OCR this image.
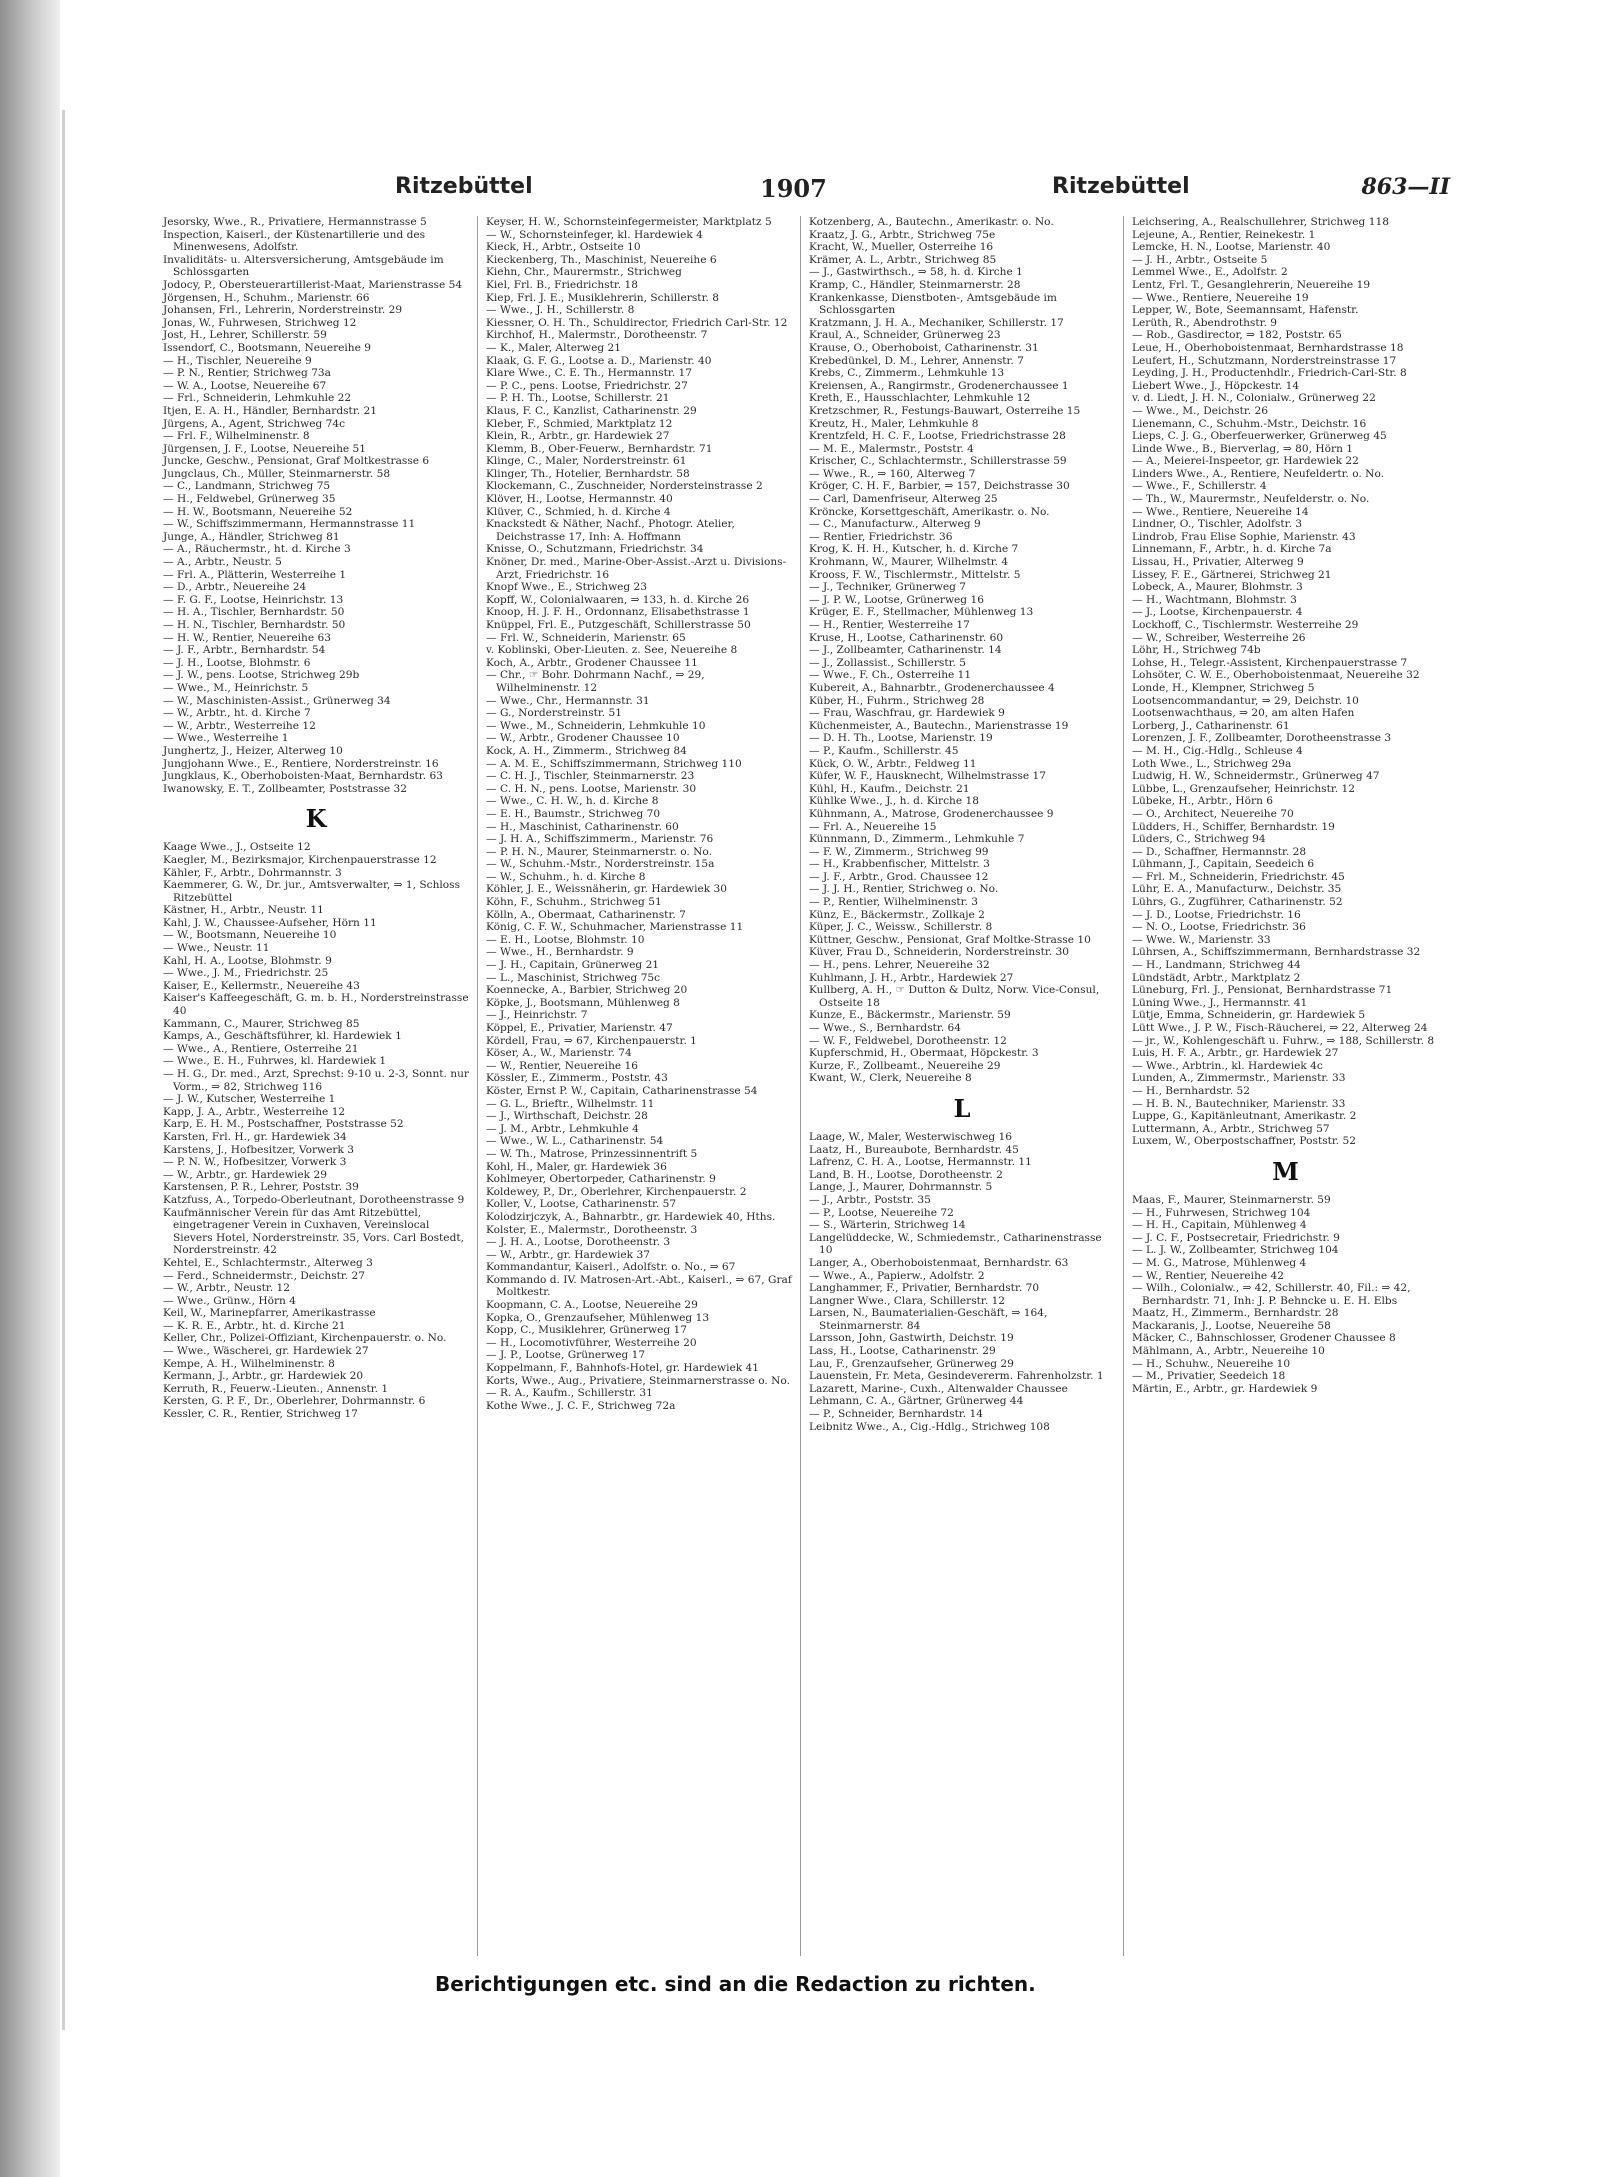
Ritzebüttel	1907	Ritzebüttel	863—II
Jesorsky, Wwe., R., Privatiere, Hermannstrasse 5
Inspection, Kaiserl., der Küstenartillerie und des Minenwesens, Adolfstr.
Invaliditäts- u. Altersversicherung, Amtsgebäude im Schlossgarten
Jodocy, P., Obersteuerartillerist-Maat, Marienstrasse 54
Jörgensen, H., Schuhm., Marienstr. 66
Johansen, Frl., Lehrerin, Norderstreinstr. 29
Jonas, W., Fuhrwesen, Strichweg 12
Jost, H., Lehrer, Schillerstr. 59
Issendorf, C., Bootsmann, Neuereihe 9
— H., Tischler, Neuereihe 9
— P. N., Rentier, Strichweg 73a
— W. A., Lootse, Neuereihe 67
— Frl., Schneiderin, Lehmkuhle 22
Itjen, E. A. H., Händler, Bernhardstr. 21
Jürgens, A., Agent, Strichweg 74c
— Frl. F., Wilhelminenstr. 8
Jürgensen, J. F., Lootse, Neuereihe 51
Juncke, Geschw., Pensionat, Graf Moltkestrasse 6
Jungclaus, Ch., Müller, Steinmarnerstr. 58
— C., Landmann, Strichweg 75
— H., Feldwebel, Grünerweg 35
— H. W., Bootsmann, Neuereihe 52
— W., Schiffszimmermann, Hermannstrasse 11
Junge, A., Händler, Strichweg 81
— A., Räuchermstr., ht. d. Kirche 3
— A., Arbtr., Neustr. 5
— Frl. A., Plätterin, Westerreihe 1
— D., Arbtr., Neuereihe 24
— F. G. F., Lootse, Heinrichstr. 13
— H. A., Tischler, Bernhardstr. 50
— H. N., Tischler, Bernhardstr. 50
— H. W., Rentier, Neuereihe 63
— J. F., Arbtr., Bernhardstr. 54
— J. H., Lootse, Blohmstr. 6
— J. W., pens. Lootse, Strichweg 29b
— Wwe., M., Heinrichstr. 5
— W., Maschinisten-Assist., Grünerweg 34
— W., Arbtr., ht. d. Kirche 7
— W., Arbtr., Westerreihe 12
— Wwe., Westerreihe 1
Junghertz, J., Heizer, Alterweg 10
Jungjohann Wwe., E., Rentiere, Norderstreinstr. 16
Jungklaus, K., Oberhoboisten-Maat, Bernhardstr. 63
Iwanowsky, E. T., Zollbeamter, Poststrasse 32
K
Kaage Wwe., J., Ostseite 12
Kaegler, M., Bezirksmajor, Kirchenpauerstrasse 12
Kähler, F., Arbtr., Dohrmannstr. 3
Kaemmerer, G. W., Dr. jur., Amtsverwalter, ⇒ 1, Schloss Ritzebüttel
Kästner, H., Arbtr., Neustr. 11
Kahl, J. W., Chaussee-Aufseher, Hörn 11
— W., Bootsmann, Neuereihe 10
— Wwe., Neustr. 11
Kahl, H. A., Lootse, Blohmstr. 9
— Wwe., J. M., Friedrichstr. 25
Kaiser, E., Kellermstr., Neuereihe 43
Kaiser's Kaffeegeschäft, G. m. b. H., Norderstreinstrasse 40
Kammann, C., Maurer, Strichweg 85
Kamps, A., Geschäftsführer, kl. Hardewiek 1
— Wwe., A., Rentiere, Osterreihe 21
— Wwe., E. H., Fuhrwes, kl. Hardewiek 1
— H. G., Dr. med., Arzt, Sprechst: 9-10 u. 2-3, Sonnt. nur Vorm., ⇒ 82, Strichweg 116
— J. W., Kutscher, Westerreihe 1
Kapp, J. A., Arbtr., Westerreihe 12
Karp, E. H. M., Postschaffner, Poststrasse 52
Karsten, Frl. H., gr. Hardewiek 34
Karstens, J., Hofbesitzer, Vorwerk 3
— P. N. W., Hofbesitzer, Vorwerk 3
— W., Arbtr., gr. Hardewiek 29
Karstensen, P. R., Lehrer, Poststr. 39
Katzfuss, A., Torpedo-Oberleutnant, Dorotheenstrasse 9
Kaufmännischer Verein für das Amt Ritzebüttel, eingetragener Verein in Cuxhaven, Vereinslocal Sievers Hotel, Norderstreinstr. 35, Vors. Carl Bostedt, Norderstreinstr. 42
Kehtel, E., Schlachtermstr., Alterweg 3
— Ferd., Schneidermstr., Deichstr. 27
— W., Arbtr., Neustr. 12
— Wwe., Grünw., Hörn 4
Keil, W., Marinepfarrer, Amerikastrasse
— K. R. E., Arbtr., ht. d. Kirche 21
Keller, Chr., Polizei-Offiziant, Kirchenpauerstr. o. No.
— Wwe., Wäscherei, gr. Hardewiek 27
Kempe, A. H., Wilhelminenstr. 8
Kermann, J., Arbtr., gr. Hardewiek 20
Kerruth, R., Feuerw.-Lieuten., Annenstr. 1
Kersten, G. P. F., Dr., Oberlehrer, Dohrmannstr. 6
Kessler, C. R., Rentier, Strichweg 17
Keyser, H. W., Schornsteinfegermeister, Marktplatz 5
— W., Schornsteinfeger, kl. Hardewiek 4
Kieck, H., Arbtr., Ostseite 10
Kieckenberg, Th., Maschinist, Neuereihe 6
Kiehn, Chr., Maurermstr., Strichweg
Kiel, Frl. B., Friedrichstr. 18
Kiep, Frl. J. E., Musiklehrerin, Schillerstr. 8
— Wwe., J. H., Schillerstr. 8
Kiessner, O. H. Th., Schuldirector, Friedrich Carl-Str. 12
Kirchhof, H., Malermstr., Dorotheenstr. 7
— K., Maler, Alterweg 21
Klaak, G. F. G., Lootse a. D., Marienstr. 40
Klare Wwe., C. E. Th., Hermannstr. 17
— P. C., pens. Lootse, Friedrichstr. 27
— P. H. Th., Lootse, Schillerstr. 21
Klaus, F. C., Kanzlist, Catharinenstr. 29
Kleber, F., Schmied, Marktplatz 12
Klein, R., Arbtr., gr. Hardewiek 27
Klemm, B., Ober-Feuerw., Bernhardstr. 71
Klinge, C., Maler, Norderstreinstr. 61
Klinger, Th., Hotelier, Bernhardstr. 58
Klockemann, C., Zuschneider, Nordersteinstrasse 2
Klöver, H., Lootse, Hermannstr. 40
Klüver, C., Schmied, h. d. Kirche 4
Knackstedt & Näther, Nachf., Photogr. Atelier, Deichstrasse 17, Inh: A. Hoffmann
Knisse, O., Schutzmann, Friedrichstr. 34
Knöner, Dr. med., Marine-Ober-Assist.-Arzt u. Divisions-Arzt, Friedrichstr. 16
Knopf Wwe., E., Strichweg 23
Kopff, W., Colonialwaaren, ⇒ 133, h. d. Kirche 26
Knoop, H. J. F. H., Ordonnanz, Elisabethstrasse 1
Knüppel, Frl. E., Putzgeschäft, Schillerstrasse 50
— Frl. W., Schneiderin, Marienstr. 65
v. Koblinski, Ober-Lieuten. z. See, Neuereihe 8
Koch, A., Arbtr., Grodener Chaussee 11
— Chr., ☞ Bohr. Dohrmann Nachf., ⇒ 29, Wilhelminenstr. 12
— Wwe., Chr., Hermannstr. 31
— G., Norderstreinstr. 51
— Wwe., M., Schneiderin, Lehmkuhle 10
— W., Arbtr., Grodener Chaussee 10
Kock, A. H., Zimmerm., Strichweg 84
— A. M. E., Schiffszimmermann, Strichweg 110
— C. H. J., Tischler, Steinmarnerstr. 23
— C. H. N., pens. Lootse, Marienstr. 30
— Wwe., C. H. W., h. d. Kirche 8
— E. H., Baumstr., Strichweg 70
— H., Maschinist, Catharinenstr. 60
— J. H. A., Schiffszimmerm., Marienstr. 76
— P. H. N., Maurer, Steinmarnerstr. o. No.
— W., Schuhm.-Mstr., Norderstreinstr. 15a
— W., Schuhm., h. d. Kirche 8
Köhler, J. E., Weissnäherin, gr. Hardewiek 30
Köhn, F., Schuhm., Strichweg 51
Kölln, A., Obermaat, Catharinenstr. 7
König, C. F. W., Schuhmacher, Marienstrasse 11
— E. H., Lootse, Blohmstr. 10
— Wwe., H., Bernhardstr. 9
— J. H., Capitain, Grünerweg 21
— L., Maschinist, Strichweg 75c
Koennecke, A., Barbier, Strichweg 20
Köpke, J., Bootsmann, Mühlenweg 8
— J., Heinrichstr. 7
Köppel, E., Privatier, Marienstr. 47
Kördell, Frau, ⇒ 67, Kirchenpauerstr. 1
Köser, A., W., Marienstr. 74
— W., Rentier, Neuereihe 16
Kössler, E., Zimmerm., Poststr. 43
Köster, Ernst P. W., Capitain, Catharinenstrasse 54
— G. L., Brieftr., Wilhelmstr. 11
— J., Wirthschaft, Deichstr. 28
— J. M., Arbtr., Lehmkuhle 4
— Wwe., W. L., Catharinenstr. 54
— W. Th., Matrose, Prinzessinnentrift 5
Kohl, H., Maler, gr. Hardewiek 36
Kohlmeyer, Obertorpeder, Catharinenstr. 9
Koldewey, P., Dr., Oberlehrer, Kirchenpauerstr. 2
Koller, V., Lootse, Catharinenstr. 57
Kolodzirjczyk, A., Bahnarbtr., gr. Hardewiek 40, Hths.
Kolster, E., Malermstr., Dorotheenstr. 3
— J. H. A., Lootse, Dorotheenstr. 3
— W., Arbtr., gr. Hardewiek 37
Kommandantur, Kaiserl., Adolfstr. o. No., ⇒ 67
Kommando d. IV. Matrosen-Art.-Abt., Kaiserl., ⇒ 67, Graf Moltkestr.
Koopmann, C. A., Lootse, Neuereihe 29
Kopka, O., Grenzaufseher, Mühlenweg 13
Kopp, C., Musiklehrer, Grünerweg 17
— H., Locomotivführer, Westerreihe 20
— J. P., Lootse, Grünerweg 17
Koppelmann, F., Bahnhofs-Hotel, gr. Hardewiek 41
Korts, Wwe., Aug., Privatiere, Steinmarnerstrasse o. No.
— R. A., Kaufm., Schillerstr. 31
Kothe Wwe., J. C. F., Strichweg 72a
Kotzenberg, A., Bautechn., Amerikastr. o. No.
Kraatz, J. G., Arbtr., Strichweg 75e
Kracht, W., Mueller, Osterreihe 16
Krämer, A. L., Arbtr., Strichweg 85
— J., Gastwirthsch., ⇒ 58, h. d. Kirche 1
Kramp, C., Händler, Steinmarnerstr. 28
Krankenkasse, Dienstboten-, Amtsgebäude im Schlossgarten
Kratzmann, J. H. A., Mechaniker, Schillerstr. 17
Kraul, A., Schneider, Grünerweg 23
Krause, O., Oberhoboist, Catharinenstr. 31
Krebedünkel, D. M., Lehrer, Annenstr. 7
Krebs, C., Zimmerm., Lehmkuhle 13
Kreiensen, A., Rangirmstr., Grodenerchaussee 1
Kreth, E., Hausschlachter, Lehmkuhle 12
Kretzschmer, R., Festungs-Bauwart, Osterreihe 15
Kreutz, H., Maler, Lehmkuhle 8
Krentzfeld, H. C. F., Lootse, Friedrichstrasse 28
— M. E., Malermstr., Poststr. 4
Krischer, C., Schlachtermstr., Schillerstrasse 59
— Wwe., R., ⇒ 160, Alterweg 7
Kröger, C. H. F., Barbier, ⇒ 157, Deichstrasse 30
— Carl, Damenfriseur, Alterweg 25
Kröncke, Korsettgeschäft, Amerikastr. o. No.
— C., Manufacturw., Alterweg 9
— Rentier, Friedrichstr. 36
Krog, K. H. H., Kutscher, h. d. Kirche 7
Krohmann, W., Maurer, Wilhelmstr. 4
Krooss, F. W., Tischlermstr., Mittelstr. 5
— J., Techniker, Grünerweg 7
— J. P. W., Lootse, Grünerweg 16
Krüger, E. F., Stellmacher, Mühlenweg 13
— H., Rentier, Westerreihe 17
Kruse, H., Lootse, Catharinenstr. 60
— J., Zollbeamter, Catharinenstr. 14
— J., Zollassist., Schillerstr. 5
— Wwe., F. Ch., Osterreihe 11
Kubereit, A., Bahnarbtr., Grodenerchaussee 4
Küber, H., Fuhrm., Strichweg 28
— Frau, Waschfrau, gr. Hardewiek 9
Küchenmeister, A., Bautechn., Marienstrasse 19
— D. H. Th., Lootse, Marienstr. 19
— P., Kaufm., Schillerstr. 45
Kück, O. W., Arbtr., Feldweg 11
Küfer, W. F., Hausknecht, Wilhelmstrasse 17
Kühl, H., Kaufm., Deichstr. 21
Kühlke Wwe., J., h. d. Kirche 18
Kühnmann, A., Matrose, Grodenerchaussee 9
— Frl. A., Neuereihe 15
Künnmann, D., Zimmerm., Lehmkuhle 7
— F. W., Zimmerm., Strichweg 99
— H., Krabbenfischer, Mittelstr. 3
— J. F., Arbtr., Grod. Chaussee 12
— J. J. H., Rentier, Strichweg o. No.
— P., Rentier, Wilhelminenstr. 3
Künz, E., Bäckermstr., Zollkaje 2
Küper, J. C., Weissw., Schillerstr. 8
Küttner, Geschw., Pensionat, Graf Moltke-Strasse 10
Küver, Frau D., Schneiderin, Norderstreinstr. 30
— H., pens. Lehrer, Neuereihe 32
Kuhlmann, J. H., Arbtr., Hardewiek 27
Kullberg, A. H., ☞ Dutton & Dultz, Norw. Vice-Consul, Ostseite 18
Kunze, E., Bäckermstr., Marienstr. 59
— Wwe., S., Bernhardstr. 64
— W. F., Feldwebel, Dorotheenstr. 12
Kupferschmid, H., Obermaat, Höpckestr. 3
Kurze, F., Zollbeamt., Neuereihe 29
Kwant, W., Clerk, Neuereihe 8
L
Laage, W., Maler, Westerwischweg 16
Laatz, H., Bureaubote, Bernhardstr. 45
Lafrenz, C. H. A., Lootse, Hermannstr. 11
Land, B. H., Lootse, Dorotheenstr. 2
Lange, J., Maurer, Dohrmannstr. 5
— J., Arbtr., Poststr. 35
— P., Lootse, Neuereihe 72
— S., Wärterin, Strichweg 14
Langelüddecke, W., Schmiedemstr., Catharinenstrasse 10
Langer, A., Oberhoboistenmaat, Bernhardstr. 63
— Wwe., A., Papierw., Adolfstr. 2
Langhammer, F., Privatier, Bernhardstr. 70
Langner Wwe., Clara, Schillerstr. 12
Larsen, N., Baumaterialien-Geschäft, ⇒ 164, Steinmarnerstr. 84
Larsson, John, Gastwirth, Deichstr. 19
Lass, H., Lootse, Catharinenstr. 29
Lau, F., Grenzaufseher, Grünerweg 29
Lauenstein, Fr. Meta, Gesindevererm. Fahrenholzstr. 1
Lazarett, Marine-, Cuxh., Altenwalder Chaussee
Lehmann, C. A., Gärtner, Grünerweg 44
— P., Schneider, Bernhardstr. 14
Leibnitz Wwe., A., Cig.-Hdlg., Strichweg 108
Leichsering, A., Realschullehrer, Strichweg 118
Lejeune, A., Rentier, Reinekestr. 1
Lemcke, H. N., Lootse, Marienstr. 40
— J. H., Arbtr., Ostseite 5
Lemmel Wwe., E., Adolfstr. 2
Lentz, Frl. T., Gesanglehrerin, Neuereihe 19
— Wwe., Rentiere, Neuereihe 19
Lepper, W., Bote, Seemannsamt, Hafenstr.
Lerüth, R., Abendrothstr. 9
— Rob., Gasdirector, ⇒ 182, Poststr. 65
Leue, H., Oberhoboistenmaat, Bernhardstrasse 18
Leufert, H., Schutzmann, Norderstreinstrasse 17
Leyding, J. H., Productenhdlr., Friedrich-Carl-Str. 8
Liebert Wwe., J., Höpckestr. 14
v. d. Liedt, J. H. N., Colonialw., Grünerweg 22
— Wwe., M., Deichstr. 26
Lienemann, C., Schuhm.-Mstr., Deichstr. 16
Lieps, C. J. G., Oberfeuerwerker, Grünerweg 45
Linde Wwe., B., Bierverlag, ⇒ 80, Hörn 1
— A., Meierei-Inspeetor, gr. Hardewiek 22
Linders Wwe., A., Rentiere, Neufeldertr. o. No.
— Wwe., F., Schillerstr. 4
— Th., W., Maurermstr., Neufelderstr. o. No.
— Wwe., Rentiere, Neuereihe 14
Lindner, O., Tischler, Adolfstr. 3
Lindrob, Frau Elise Sophie, Marienstr. 43
Linnemann, F., Arbtr., h. d. Kirche 7a
Lissau, H., Privatier, Alterweg 9
Lissey, F. E., Gärtnerei, Strichweg 21
Lobeck, A., Maurer, Blohmstr. 3
— H., Wachtmann, Blohmstr. 3
— J., Lootse, Kirchenpauerstr. 4
Lockhoff, C., Tischlermstr. Westerreihe 29
— W., Schreiber, Westerreihe 26
Löhr, H., Strichweg 74b
Lohse, H., Telegr.-Assistent, Kirchenpauerstrasse 7
Lohsöter, C. W. E., Oberhoboistenmaat, Neuereihe 32
Londe, H., Klempner, Strichweg 5
Lootsencommandantur, ⇒ 29, Deichstr. 10
Lootsenwachthaus, ⇒ 20, am alten Hafen
Lorberg, J., Catharinenstr. 61
Lorenzen, J. F., Zollbeamter, Dorotheenstrasse 3
— M. H., Cig.-Hdlg., Schleuse 4
Loth Wwe., L., Strichweg 29a
Ludwig, H. W., Schneidermstr., Grünerweg 47
Lübbe, L., Grenzaufseher, Heinrichstr. 12
Lübeke, H., Arbtr., Hörn 6
— O., Architect, Neuereihe 70
Lüdders, H., Schiffer, Bernhardstr. 19
Lüders, C., Strichweg 94
— D., Schaffner, Hermannstr. 28
Lühmann, J., Capitain, Seedeich 6
— Frl. M., Schneiderin, Friedrichstr. 45
Lühr, E. A., Manufacturw., Deichstr. 35
Lührs, G., Zugführer, Catharinenstr. 52
— J. D., Lootse, Friedrichstr. 16
— N. O., Lootse, Friedrichstr. 36
— Wwe. W., Marienstr. 33
Lührsen, A., Schiffszimmermann, Bernhardstrasse 32
— H., Landmann, Strichweg 44
Lündstädt, Arbtr., Marktplatz 2
Lüneburg, Frl. J., Pensionat, Bernhardstrasse 71
Lüning Wwe., J., Hermannstr. 41
Lütje, Emma, Schneiderin, gr. Hardewiek 5
Lütt Wwe., J. P. W., Fisch-Räucherei, ⇒ 22, Alterweg 24
— jr., W., Kohlengeschäft u. Fuhrw., ⇒ 188, Schillerstr. 8
Luis, H. F. A., Arbtr., gr. Hardewiek 27
— Wwe., Arbtrin., kl. Hardewiek 4c
Lunden, A., Zimmermstr., Marienstr. 33
— H., Bernhardstr. 52
— H. B. N., Bautechniker, Marienstr. 33
Luppe, G., Kapitänleutnant, Amerikastr. 2
Luttermann, A., Arbtr., Strichweg 57
Luxem, W., Oberpostschaffner, Poststr. 52
M
Maas, F., Maurer, Steinmarnerstr. 59
— H., Fuhrwesen, Strichweg 104
— H. H., Capitain, Mühlenweg 4
— J. C. F., Postsecretair, Friedrichstr. 9
— L. J. W., Zollbeamter, Strichweg 104
— M. G., Matrose, Mühlenweg 4
— W., Rentier, Neuereihe 42
— Wilh., Colonialw., ⇒ 42, Schillerstr. 40, Fil.: ⇒ 42, Bernhardstr. 71, Inh: J. P. Behncke u. E. H. Elbs
Maatz, H., Zimmerm., Bernhardstr. 28
Mackaranis, J., Lootse, Neuereihe 58
Mäcker, C., Bahnschlosser, Grodener Chaussee 8
Mählmann, A., Arbtr., Neuereihe 10
— H., Schuhw., Neuereihe 10
— M., Privatier, Seedeich 18
Märtin, E., Arbtr., gr. Hardewiek 9
Berichtigungen etc. sind an die Redaction zu richten.
